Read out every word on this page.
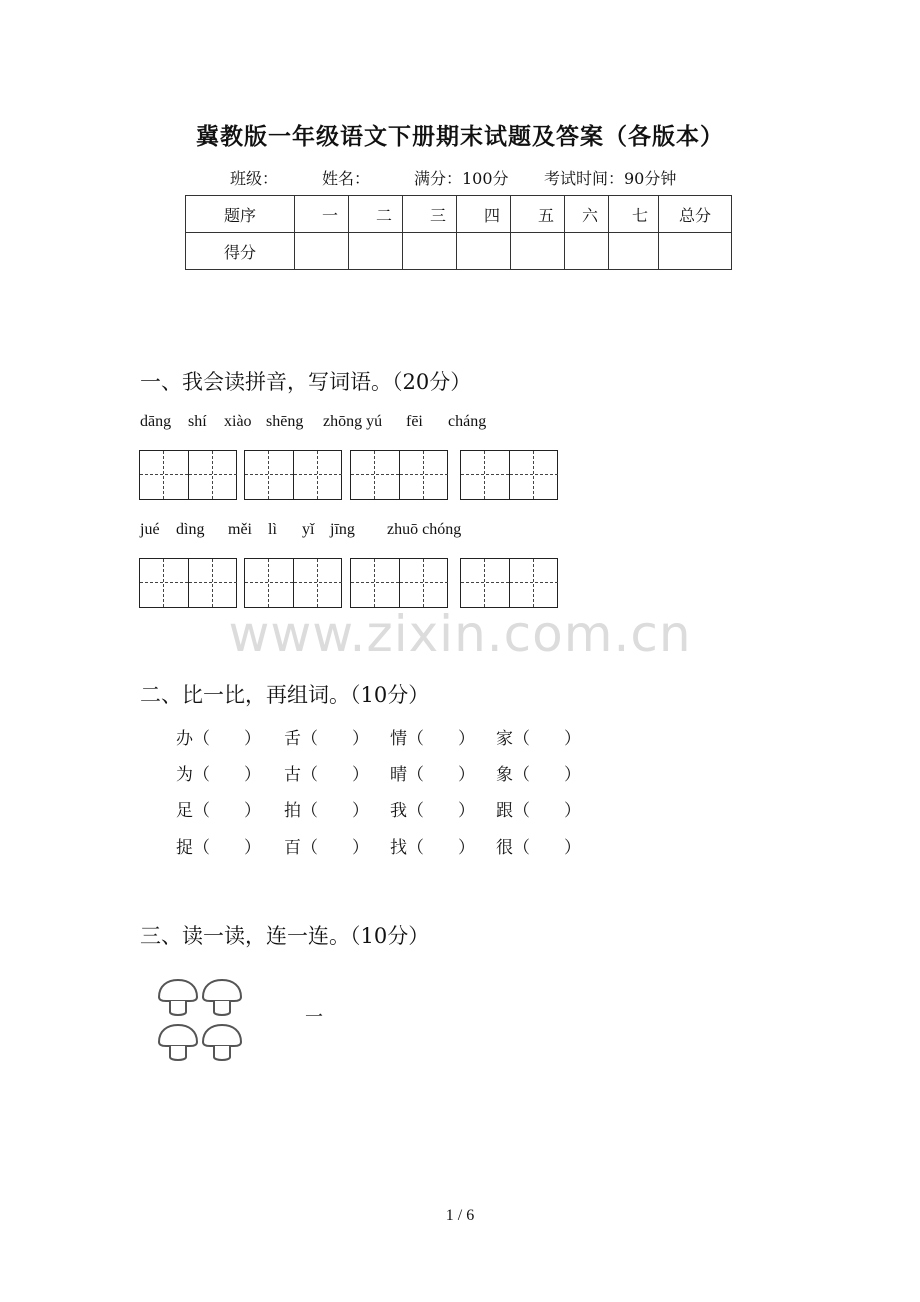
冀教版一年级语文下册期末试题及答案（各版本）
班级：	姓名：	满分：100分 考试时间：90分钟
题序	一	二	三	四	五	六	七	总分
得分								
一、我会读拼音，写词语。（20分）
dāng shí xiào shēng zhōng yú fēi cháng
jué dìng měi lì yǐ jīng zhuō chóng
www.zixin.com.cn
二、比一比，再组词。（10分）
办（　　） 舌（　　） 情（　　） 家（　　）
为（　　） 古（　　） 晴（　　） 象（　　）
足（　　） 拍（　　） 我（　　） 跟（　　）
捉（　　） 百（　　） 找（　　） 很（　　）
三、读一读，连一连。（10分）
一
1 / 6
